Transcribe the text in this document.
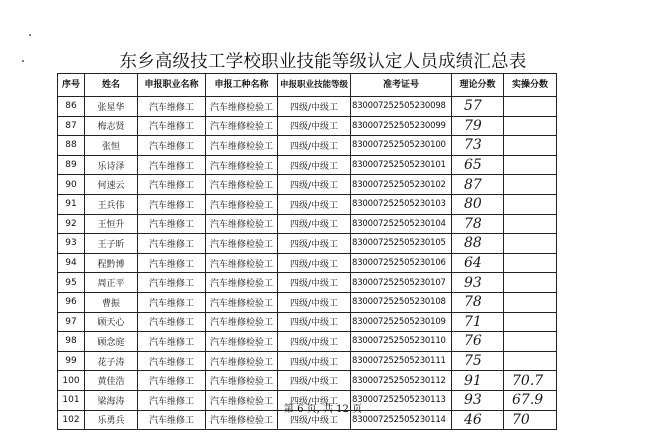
东乡高级技工学校职业技能等级认定人员成绩汇总表
序号	姓名	申报职业名称	申报工种名称	申报职业技能等级	准考证号	理论分数	实操分数
86	张星华	汽车维修工	汽车维修检验工	四级/中级工	830007252505230098	57	
87	梅志贤	汽车维修工	汽车维修检验工	四级/中级工	830007252505230099	79	
88	张恒	汽车维修工	汽车维修检验工	四级/中级工	830007252505230100	73	
89	乐诗泽	汽车维修工	汽车维修检验工	四级/中级工	830007252505230101	65	
90	何速云	汽车维修工	汽车维修检验工	四级/中级工	830007252505230102	87	
91	王兵伟	汽车维修工	汽车维修检验工	四级/中级工	830007252505230103	80	
92	王恒升	汽车维修工	汽车维修检验工	四级/中级工	830007252505230104	78	
93	王子昕	汽车维修工	汽车维修检验工	四级/中级工	830007252505230105	88	
94	程黔博	汽车维修工	汽车维修检验工	四级/中级工	830007252505230106	64	
95	周正平	汽车维修工	汽车维修检验工	四级/中级工	830007252505230107	93	
96	曹振	汽车维修工	汽车维修检验工	四级/中级工	830007252505230108	78	
97	顾天心	汽车维修工	汽车维修检验工	四级/中级工	830007252505230109	71	
98	顾念庭	汽车维修工	汽车维修检验工	四级/中级工	830007252505230110	76	
99	花子涛	汽车维修工	汽车维修检验工	四级/中级工	830007252505230111	75	
100	黄佳浩	汽车维修工	汽车维修检验工	四级/中级工	830007252505230112	91	70.7
101	梁海涛	汽车维修工	汽车维修检验工	四级/中级工	830007252505230113	93	67.9
102	乐勇兵	汽车维修工	汽车维修检验工	四级/中级工	830007252505230114	46	70
第 6 页, 共 12 页
